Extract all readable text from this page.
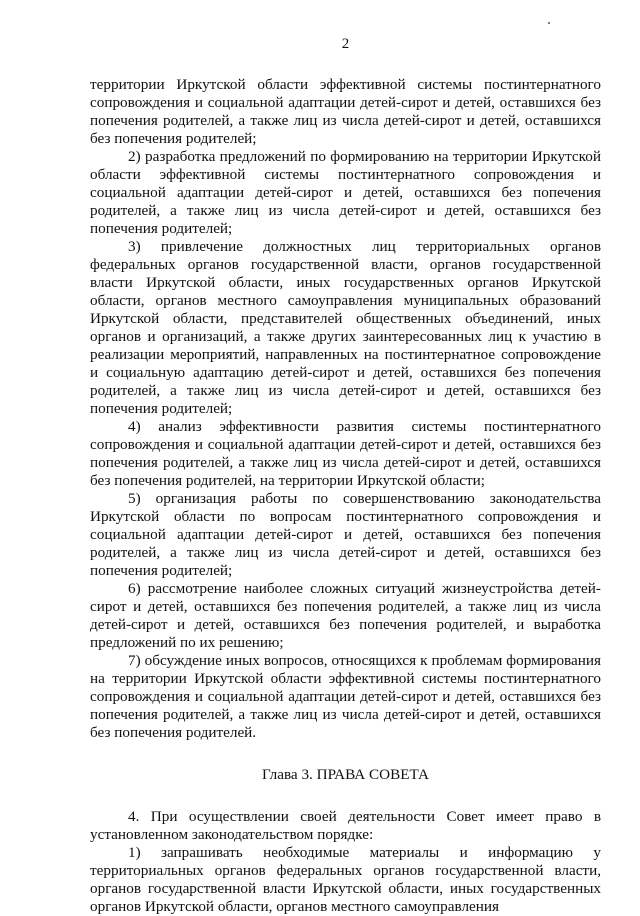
2

территории Иркутской области эффективной системы постинтернатного сопровождения и социальной адаптации детей-сирот и детей, оставшихся без попечения родителей, а также лиц из числа детей-сирот и детей, оставшихся без попечения родителей;

2) разработка предложений по формированию на территории Иркутской области эффективной системы постинтернатного сопровождения и социальной адаптации детей-сирот и детей, оставшихся без попечения родителей, а также лиц из числа детей-сирот и детей, оставшихся без попечения родителей;

3) привлечение должностных лиц территориальных органов федеральных органов государственной власти, органов государственной власти Иркутской области, иных государственных органов Иркутской области, органов местного самоуправления муниципальных образований Иркутской области, представителей общественных объединений, иных органов и организаций, а также других заинтересованных лиц к участию в реализации мероприятий, направленных на постинтернатное сопровождение и социальную адаптацию детей-сирот и детей, оставшихся без попечения родителей, а также лиц из числа детей-сирот и детей, оставшихся без попечения родителей;

4) анализ эффективности развития системы постинтернатного сопровождения и социальной адаптации детей-сирот и детей, оставшихся без попечения родителей, а также лиц из числа детей-сирот и детей, оставшихся без попечения родителей, на территории Иркутской области;

5) организация работы по совершенствованию законодательства Иркутской области по вопросам постинтернатного сопровождения и социальной адаптации детей-сирот и детей, оставшихся без попечения родителей, а также лиц из числа детей-сирот и детей, оставшихся без попечения родителей;

6) рассмотрение наиболее сложных ситуаций жизнеустройства детей-сирот и детей, оставшихся без попечения родителей, а также лиц из числа детей-сирот и детей, оставшихся без попечения родителей, и выработка предложений по их решению;

7) обсуждение иных вопросов, относящихся к проблемам формирования на территории Иркутской области эффективной системы постинтернатного сопровождения и социальной адаптации детей-сирот и детей, оставшихся без попечения родителей, а также лиц из числа детей-сирот и детей, оставшихся без попечения родителей.

Глава 3. ПРАВА СОВЕТА

4. При осуществлении своей деятельности Совет имеет право в установленном законодательством порядке:

1) запрашивать необходимые материалы и информацию у территориальных органов федеральных органов государственной власти, органов государственной власти Иркутской области, иных государственных органов Иркутской области, органов местного самоуправления
